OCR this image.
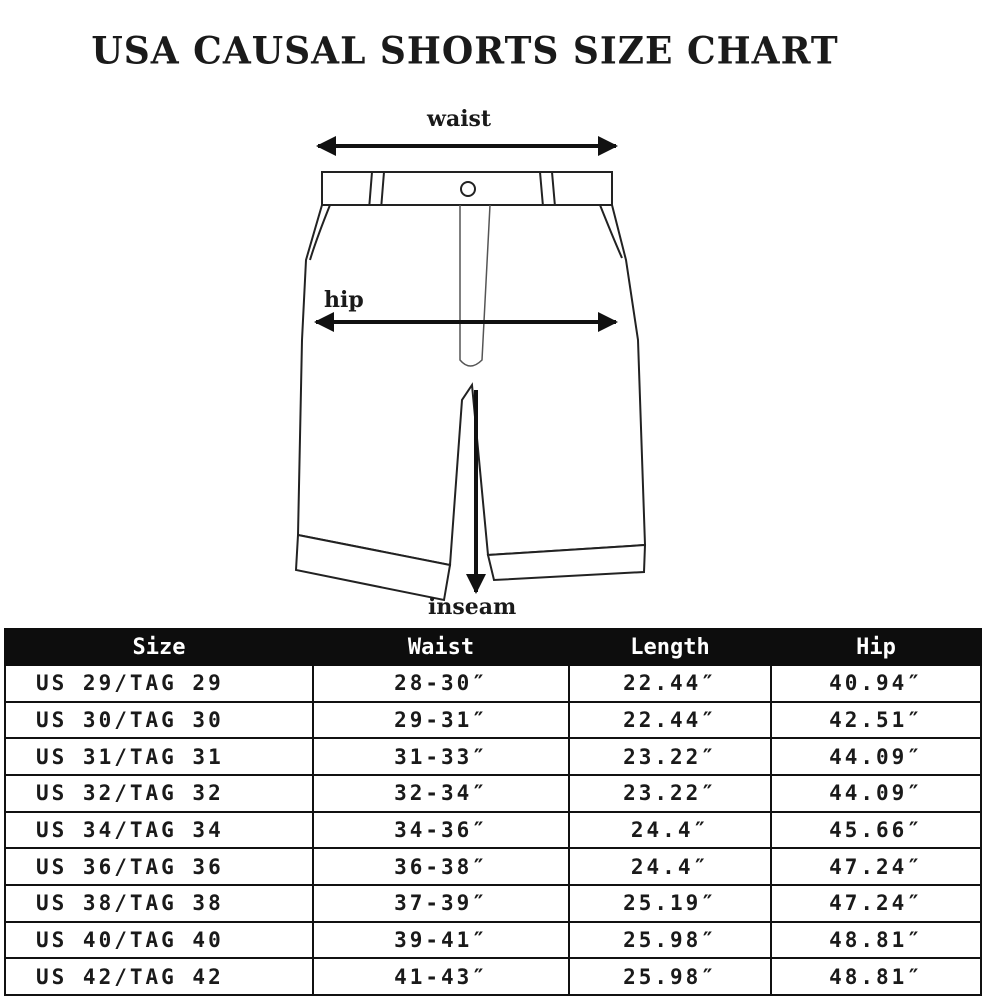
USA CAUSAL SHORTS SIZE CHART
waist
hip
inseam
Size	Waist	Length	Hip
US 29/TAG 29	28-30″	22.44″	40.94″
US 30/TAG 30	29-31″	22.44″	42.51″
US 31/TAG 31	31-33″	23.22″	44.09″
US 32/TAG 32	32-34″	23.22″	44.09″
US 34/TAG 34	34-36″	24.4″	45.66″
US 36/TAG 36	36-38″	24.4″	47.24″
US 38/TAG 38	37-39″	25.19″	47.24″
US 40/TAG 40	39-41″	25.98″	48.81″
US 42/TAG 42	41-43″	25.98″	48.81″
